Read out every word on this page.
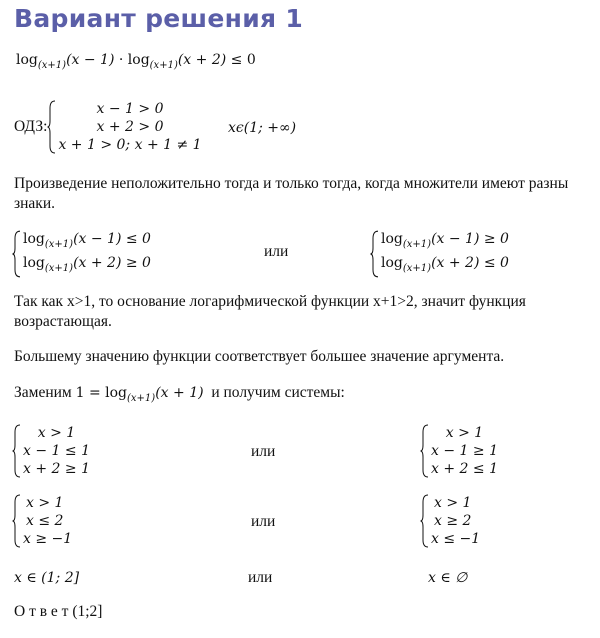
Вариант решения 1
$\log_{(x+1)}(x - 1) \cdot \log_{(x+1)}(x + 2) \le 0$
ОДЗ:
x − 1 > 0
x + 2 > 0
x + 1 > 0; x + 1 ≠ 1
xϵ(1; +∞)
Произведение неположительно тогда и только тогда, когда множители имеют разны
знаки.
$\log_{(x+1)}(x - 1) \le 0$
$\log_{(x+1)}(x + 2) \ge 0$
или
$\log_{(x+1)}(x - 1) \ge 0$
$\log_{(x+1)}(x + 2) \le 0$
Так как x>1, то основание логарифмической функции x+1>2, значит функция
возрастающая.
Большему значению функции соответствует большее значение аргумента.
Заменим $1 = \log_{(x+1)}(x + 1)$  и получим системы:
x > 1
x − 1 ≤ 1
x + 2 ≥ 1
или
x > 1
x − 1 ≥ 1
x + 2 ≤ 1
x > 1
x ≤ 2
x ≥ −1
или
x > 1
x ≥ 2
x ≤ −1
x ∈ (1; 2]	или	x ∈ ∅
О т в е т (1;2]
